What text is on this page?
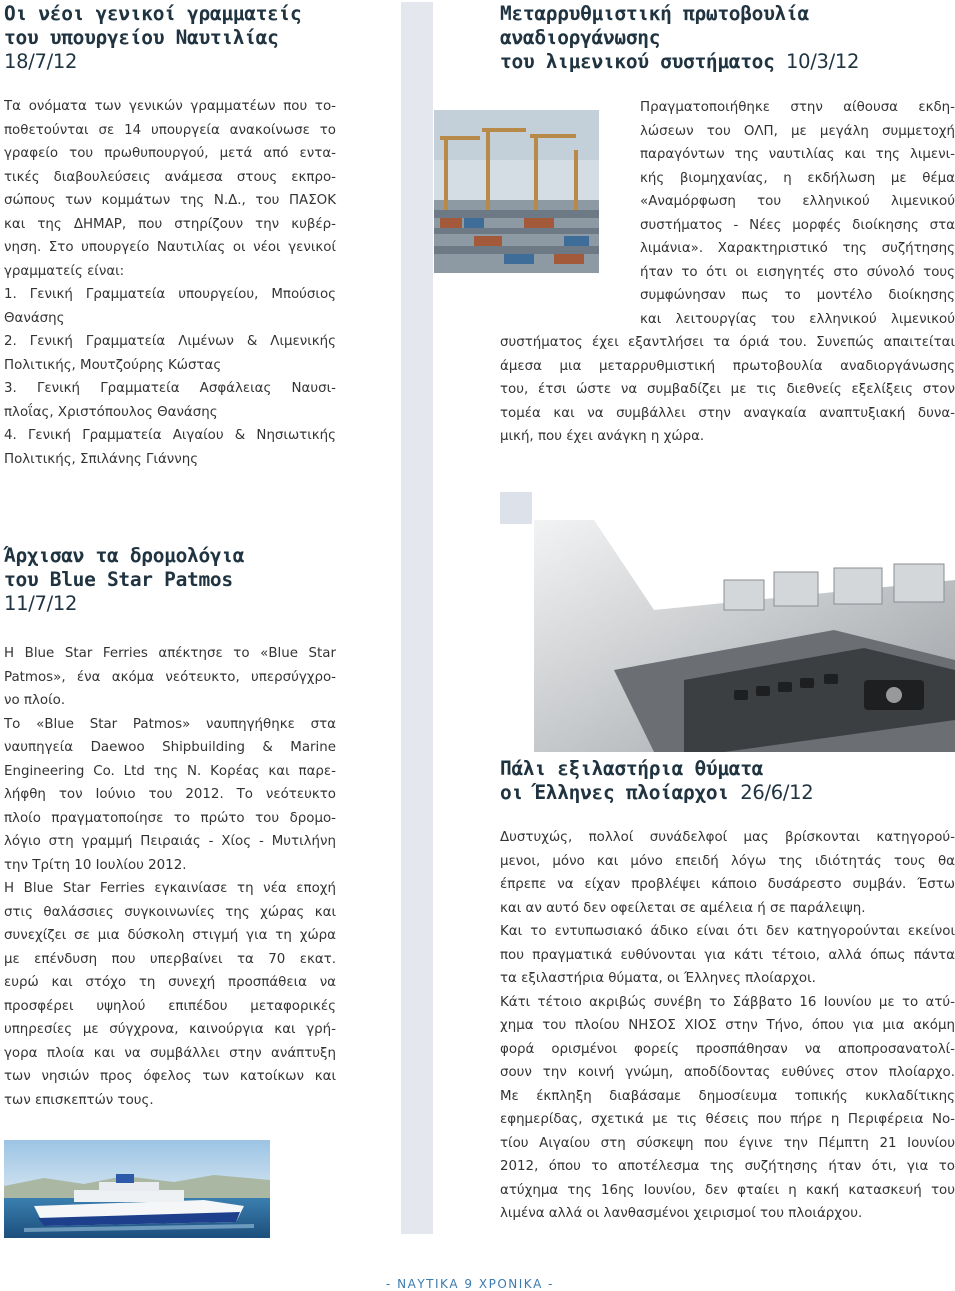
Οι νέοι γενικοί γραμματείς
του υπουργείου Ναυτιλίας
18/7/12
Τα ονόματα των γενικών γραμματέων που το-
ποθετούνται σε 14 υπουργεία ανακοίνωσε το
γραφείο του πρωθυπουργού, μετά από εντα-
τικές διαβουλεύσεις ανάμεσα στους εκπρο-
σώπους των κομμάτων της Ν.Δ., του ΠΑΣΟΚ
και της ΔΗΜΑΡ, που στηρίζουν την κυβέρ-
νηση. Στο υπουργείο Ναυτιλίας οι νέοι γενικοί
γραμματείς είναι:
1. Γενική Γραμματεία υπουργείου, Μπούσιος
Θανάσης
2. Γενική Γραμματεία Λιμένων & Λιμενικής
Πολιτικής, Μουτζούρης Κώστας
3. Γενική Γραμματεία Ασφάλειας Ναυσι-
πλοΐας, Χριστόπουλος Θανάσης
4. Γενική Γραμματεία Αιγαίου & Νησιωτικής
Πολιτικής, Σπιλάνης Γιάννης
Άρχισαν τα δρομολόγια
του Blue Star Patmos
11/7/12
Η Blue Star Ferries απέκτησε το «Blue Star
Patmos», ένα ακόμα νεότευκτο, υπερσύγχρο-
νο πλοίο.
Το «Blue Star Patmos» ναυπηγήθηκε στα
ναυπηγεία Daewoo Shipbuilding & Marine
Engineering Co. Ltd της Ν. Κορέας και παρε-
λήφθη τον Ιούνιο του 2012. Το νεότευκτο
πλοίο πραγματοποίησε το πρώτο του δρομο-
λόγιο στη γραμμή Πειραιάς - Χίος - Μυτιλήνη
την Τρίτη 10 Ιουλίου 2012.
Η Blue Star Ferries εγκαινίασε τη νέα εποχή
στις θαλάσσιες συγκοινωνίες της χώρας και
συνεχίζει σε μια δύσκολη στιγμή για τη χώρα
με επένδυση που υπερβαίνει τα 70 εκατ.
ευρώ και στόχο τη συνεχή προσπάθεια να
προσφέρει υψηλού επιπέδου μεταφορικές
υπηρεσίες με σύγχρονα, καινούργια και γρή-
γορα πλοία και να συμβάλλει στην ανάπτυξη
των νησιών προς όφελος των κατοίκων και
των επισκεπτών τους.
Μεταρρυθμιστική πρωτοβουλία
αναδιοργάνωσης
του λιμενικού συστήματος 10/3/12
Πραγματοποιήθηκε στην αίθουσα εκδη-
λώσεων του ΟΛΠ, με μεγάλη συμμετοχή
παραγόντων της ναυτιλίας και της λιμενι-
κής βιομηχανίας, η εκδήλωση με θέμα
«Αναμόρφωση του ελληνικού λιμενικού
συστήματος - Νέες μορφές διοίκησης στα
λιμάνια». Χαρακτηριστικό της συζήτησης
ήταν το ότι οι εισηγητές στο σύνολό τους
συμφώνησαν πως το μοντέλο διοίκησης
και λειτουργίας του ελληνικού λιμενικού
συστήματος έχει εξαντλήσει τα όριά του. Συνεπώς απαιτείται
άμεσα μια μεταρρυθμιστική πρωτοβουλία αναδιοργάνωσης
του, έτσι ώστε να συμβαδίζει με τις διεθνείς εξελίξεις στον
τομέα και να συμβάλλει στην αναγκαία αναπτυξιακή δυνα-
μική, που έχει ανάγκη η χώρα.
Πάλι εξιλαστήρια θύματα
οι Έλληνες πλοίαρχοι 26/6/12
Δυστυχώς, πολλοί συνάδελφοί μας βρίσκονται κατηγορού-
μενοι, μόνο και μόνο επειδή λόγω της ιδιότητάς τους θα
έπρεπε να είχαν προβλέψει κάποιο δυσάρεστο συμβάν. Έστω
και αν αυτό δεν οφείλεται σε αμέλεια ή σε παράλειψη.
Και το εντυπωσιακό άδικο είναι ότι δεν κατηγορούνται εκείνοι
που πραγματικά ευθύνονται για κάτι τέτοιο, αλλά όπως πάντα
τα εξιλαστήρια θύματα, οι Έλληνες πλοίαρχοι.
Κάτι τέτοιο ακριβώς συνέβη το Σάββατο 16 Ιουνίου με το ατύ-
χημα του πλοίου ΝΗΣΟΣ ΧΙΟΣ στην Τήνο, όπου για μια ακόμη
φορά ορισμένοι φορείς προσπάθησαν να αποπροσανατολί-
σουν την κοινή γνώμη, αποδίδοντας ευθύνες στον πλοίαρχο.
Με έκπληξη διαβάσαμε δημοσίευμα τοπικής κυκλαδίτικης
εφημερίδας, σχετικά με τις θέσεις που πήρε η Περιφέρεια Νο-
τίου Αιγαίου στη σύσκεψη που έγινε την Πέμπτη 21 Ιουνίου
2012, όπου το αποτέλεσμα της συζήτησης ήταν ότι, για το
ατύχημα της 16ης Ιουνίου, δεν φταίει η κακή κατασκευή του
λιμένα αλλά οι λανθασμένοι χειρισμοί του πλοιάρχου.
- ΝΑΥΤΙΚΑ 9 ΧΡΟΝΙΚΑ -
